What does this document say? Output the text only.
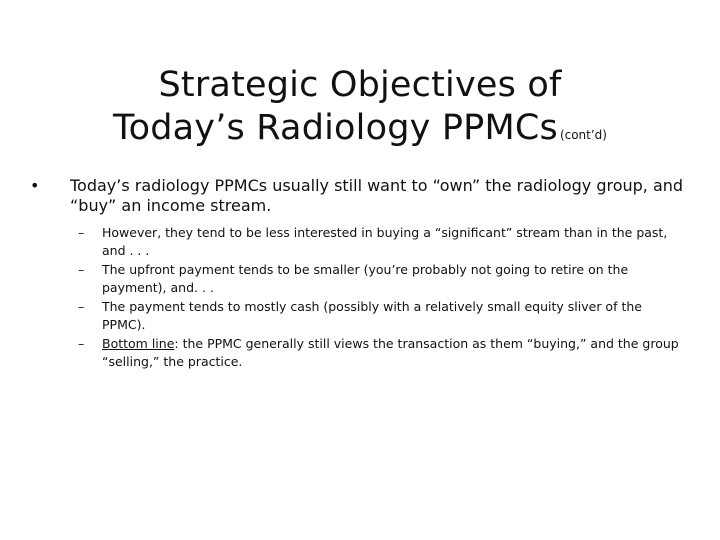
Strategic Objectives of
Today’s Radiology PPMCs (cont’d)
• Today’s radiology PPMCs usually still want to “own” the radiology group, and “buy” an income stream.
– However, they tend to be less interested in buying a “significant” stream than in the past, and . . .
– The upfront payment tends to be smaller (you’re probably not going to retire on the payment), and. . .
– The payment tends to mostly cash (possibly with a relatively small equity sliver of the PPMC).
– Bottom line: the PPMC generally still views the transaction as them “buying,” and the group “selling,” the practice.
